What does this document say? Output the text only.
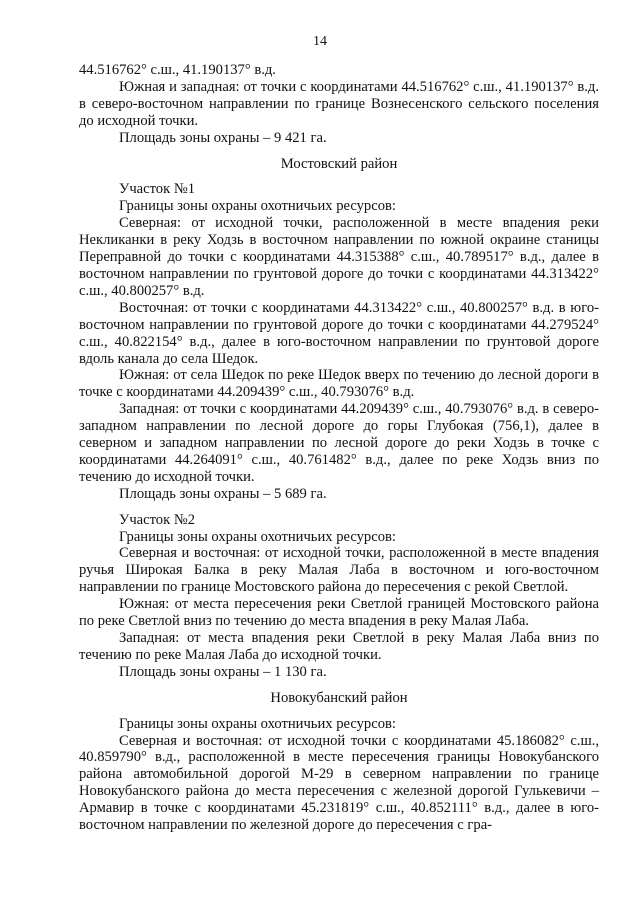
14

44.516762° с.ш., 41.190137° в.д.

Южная и западная: от точки с координатами 44.516762° с.ш., 41.190137° в.д. в северо-восточном направлении по границе Вознесенского сельского поселения до исходной точки.

Площадь зоны охраны – 9 421 га.

Мостовский район

Участок №1

Границы зоны охраны охотничьих ресурсов:

Северная: от исходной точки, расположенной в месте впадения реки Некликанки в реку Ходзь в восточном направлении по южной окраине станицы Переправной до точки с координатами 44.315388° с.ш., 40.789517° в.д., далее в восточном направлении по грунтовой дороге до точки с координатами 44.313422° с.ш., 40.800257° в.д.

Восточная: от точки с координатами 44.313422° с.ш., 40.800257° в.д. в юго-восточном направлении по грунтовой дороге до точки с координатами 44.279524° с.ш., 40.822154° в.д., далее в юго-восточном направлении по грунтовой дороге вдоль канала до села Шедок.

Южная: от села Шедок по реке Шедок вверх по течению до лесной дороги в точке с координатами 44.209439° с.ш., 40.793076° в.д.

Западная: от точки с координатами 44.209439° с.ш., 40.793076° в.д. в северо-западном направлении по лесной дороге до горы Глубокая (756,1), далее в северном и западном направлении по лесной дороге до реки Ходзь в точке с координатами 44.264091° с.ш., 40.761482° в.д., далее по реке Ходзь вниз по течению до исходной точки.

Площадь зоны охраны – 5 689 га.

Участок №2

Границы зоны охраны охотничьих ресурсов:

Северная и восточная: от исходной точки, расположенной в месте впадения ручья Широкая Балка в реку Малая Лаба в восточном и юго-восточном направлении по границе Мостовского района до пересечения с рекой Светлой.

Южная: от места пересечения реки Светлой границей Мостовского района по реке Светлой вниз по течению до места впадения в реку Малая Лаба.

Западная: от места впадения реки Светлой в реку Малая Лаба вниз по течению по реке Малая Лаба до исходной точки.

Площадь зоны охраны – 1 130 га.

Новокубанский район

Границы зоны охраны охотничьих ресурсов:

Северная и восточная: от исходной точки с координатами 45.186082° с.ш., 40.859790° в.д., расположенной в месте пересечения границы Новокубанского района автомобильной дорогой М-29 в северном направлении по границе Новокубанского района до места пересечения с железной дорогой Гулькевичи – Армавир в точке с координатами 45.231819° с.ш., 40.852111° в.д., далее в юго-восточном направлении по железной дороге до пересечения с гра-
